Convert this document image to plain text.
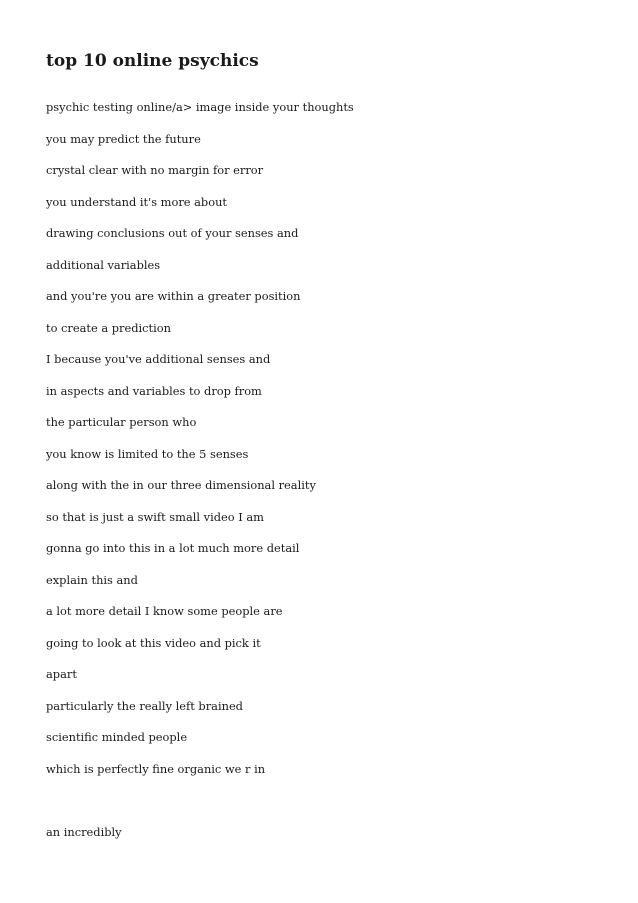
top 10 online psychics
psychic testing online/a> image inside your thoughts
you may predict the future
crystal clear with no margin for error
you understand it's more about
drawing conclusions out of your senses and
additional variables
and you're you are within a greater position
to create a prediction
I because you've additional senses and
in aspects and variables to drop from
the particular person who
you know is limited to the 5 senses
along with the in our three dimensional reality
so that is just a swift small video I am
gonna go into this in a lot much more detail
explain this and
a lot more detail I know some people are
going to look at this video and pick it
apart
particularly the really left brained
scientific minded people
which is perfectly fine organic we r in
an incredibly
